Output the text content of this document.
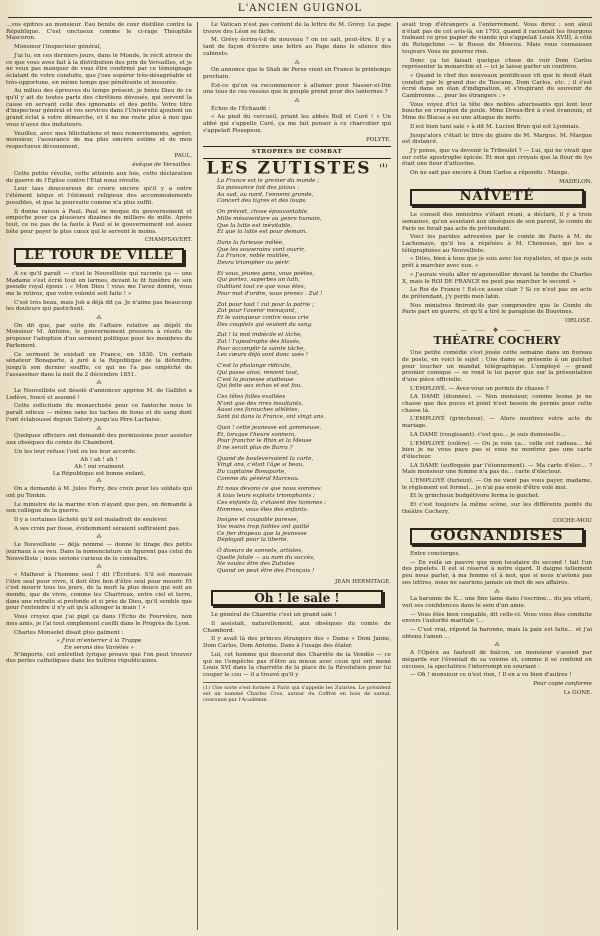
L'ANCIEN GUIGNOL

…vos épîtres au monsieur. Eau bénite de cour distillée contre la République. C'est onctueux comme le ci-rage Théophile Masceron.

Monsieur l'inspecteur général,

J'ai lu, en ces derniers jours, dans le Monde, le récit atroce de ce que vous avez fait à la distribution des prix de Versailles, et je ne veux pas manquer de vous être confirmé par ce témoignage éclatant de votre conduite, que j'ose espérer très-désagréable et très-opportune, en même temps que pénétrante et mesurée.

Au milieu des épreuves du temps présent, je bénis Dieu de ce qu'il y ait de toutes parts des chrétiens dévoués, qui servent la cause en servant celle des ignorants et des petits. Votre titre d'inspecteur général et vos services dans l'Université ajoutent un grand éclat à votre démarche, et il ne me reste plus à moi que vous n'ayez des imitateurs.

Veuillez, avec mes félicitations et mes remerciements, agréer, monsieur, l'assurance de ma plus sincère estime et de mon respectueux dévouement,

PAUL,
évêque de Versailles.

Cette petite révolte, cette atteinte aux lois, cette déclaration de guerre de l'Église contre l'État nous révolte.

Leur laus douceureux de croire encore qu'il y a entre l'élément laïque et l'élément religieux des accommodements possibles, et que la poursuite comme n'a plus suffit.

Il donne raison à Paul. Paul se moque du gouvernement et empoche pour ça plusieurs dizaines de milliers de mille. Après tout, ce ne pas de la faute à Paul si le gouvernement est assez bête pour payer le plus cœux qui le servent le moins.

CHAMPSAVERT.
LE TOUR DE VILLE

A ce qu'il paraît — c'est le Nouvelliste qui raconte ça — une Madame s'est écrié tout en larmes, devant le lit funèbre de son pseudo royal époux : « Mon Dieu ! vous me l'avez donné, vous me le retirez, que votre volonté soit faite ! »

C'est très beau, mais Job a déjà dit ça. Je n'aime pas beaucoup les douleurs qui pastichent.

⁂

On dit que, par suite de l'affaire relative au dépôt de Monsieur M. Antoine, le gouvernement pressera à résolu de proposer l'adoption d'un serment politique pour les membres du Parlement.

Ce serment le existait en France, en 1830. Un certain sénateur Bonaparte, à juré à la République de la défendre, jusqu'à son dernier souffle, ce qui ne l'a pas empêché de l'assassiner dans la nuit du 2 décembre 1851.

⁂

Le Nouvelliste est désolé d'annoncer apprise M. de Gallifet a Lodève, foncé et assomé !

Cette sollicitude du monarchiste pour ce fantoche nous le paraît odieux — même sans les taches de boue et de sang dont l'ont éclaboussé depuis Satory jusqu'au Père-Lachaise.

⁂

Quelques officiers ont demandé des permissions pour assister aux obsèques du comte de Chambord.

Un les leur refuse l'ont ou les leur accorde.

Ah ! ah ! ah !
Ah ! oui vraiment
La République est bonne enfant,
⁂

On a demandé à M. Jules Ferry, des croix pour les soldats qui ont pu Tonkin.

Le ministre de la marine n'en n'ayant que peu, on demande à son collègue de la guerre.

Il y a certaines lâcheté qu'il est maladroit de soulever.

A ses croix par fosse, évidemment seraient suffiraient pas.

⁂

Le Nouvelliste — déjà nommé — donne le tirage des petits journaux à sa veu. Dans la nomenclature un figurent pas celui du Nouvelliste ; nous serions curieux de le connaître.

⁂

« Malheur à l'homme seul ! dit l'Écriture. S'il est mauvais l'être seul pour vivre, il doit être bon d'être seul pour mourir. Et c'est mourir tous les jours, de la mort la plus douce qui soit au monde, que de vivre, comme les Chartreux, entre ciel et terre, dans une retraite si profonde et si près de Dieu, qu'il semble que pour l'entendre il n'y ait qu'à allonger la main ! »

Vous croyez que j'ai pigé ça dans l'Écho de Fourvière, non mes amis, je l'ai tout simplement cueilli dans le Progrès de Lyon.

Charles Monselet disait plus galment :

« J'irai m'enterrer à la Trappe
En serons des Variétés »

N'importe, cet entrefilet lyrique prouve que l'on peut trouver des perles catholiques dans les huîtres républicaines.

Le Vatican n'est pas content de la lettre de M. Grévy. Le pape trouve des Léon se fâche.

M. Grévy écrira-t-il de nouveau ? on ne sait, peut-être. Il y a tant de façon d'écrire une lettre au Pape dans le silence des cabinets.

⁂

On annonce que le Shah de Perse vient en France le printemps prochain.

Est-ce qu'on va recommencer à allumer pour Nasser-el-Din une tous de ces vessies que le peuple prend pour des lanternes ?

⁂

Échos de l'Échaudé :

« Au pied du cercueil, priant les abbés Boll et Curé ! » Un abbé qui s'appelle Curé, ça me fait penser à ce charcutier qui s'appelait Pissepeux.

POLYTE.
STROPHES DE COMBAT
LES ZUTISTES $^{(1)}$
La France est le grenier du monde ;
Sa puissance fait des jaloux :
Au sud, au nord, l'ennemi gronde,
Concert des tigres et des loups.
On prévoit, chose épouvantable,
Mille mésaventure au genre humain,
Que la lutte est inévitable,
Et que la lutte est pour demain.
Dans la furieuse mêlée,
Que les souverains vont ouvrir,
La France, noble mutilée,
Devra triompher ou périr.
Et vous, jeunes gens, vous poètes,
Qui portez, superbes un luth,
Oubliant tout ce que vous êtes,
Pour mot d'ordre, vous prenez : Zut !
Zut pour tout ! zut pour la patrie ;
Zut pour l'avenir menaçant,
Et le vainqueur contre nous crie
Des couplets qui veulent du sang.
Zut ! la mot imbécile et lâche,
Zut ! l'apostrophe des blasés,
Pour accomplir la sainte tâche,
Les cœurs déjà sont donc usés !
C'est la phalange ridicule,
Qui passe ainsi, renient tout,
C'est la jeunesse studieuse
Qui fette aux échos et est fou.
Ces têtes folles exaltées
N'ont que des rires insultants,
Aussi ces farouches athlètes,
Sont fai dans la France, ont vingt ans.
Quoi ! cette jeunesse est gommeuse,
Et, lorsque l'heure sonnera,
Pour franchir le Rhin et la Meuse
Il ne serait plus de Barra ?
Quand de bouleversaient la carte,
Vingt ans, c'était l'âge si beau,
Du capitaine Bonaparte,
Comme du général Marceau.
Et nous devons ce que nous sommes
A tous leurs exploits triomphants ;
Ces enfants là, c'étaient des hommes :
Hommes, vous êtes des enfants.
Insigne et coupable paresse,
Vos mains trop faibles ont quitté
Ce fier drapeau que la jeunesse
Déployait pour la liberté.
Ô diseurs de sonnets, artistes,
Quelle fatale — au nom du succès,
Ne voulez être des Zutistes
Quand on peut être des Français !
JEAN HERMITAGE.
Oh ! le sale !

Le général de Charette c'est un grand sale !

Il assistait, naturellement, aux obsèques du comte de Chambord.

Il y avait là des princes étrangers des « Dame » Dom Jaime, Dom Carlos, Dom Antoine. Dans à l'usage des étaler.

Lui, cet homme qui descend des Charette de la Vendée — ce qui ne l'empêche pas d'être au mieux avec ceux qui ont mené Louis XVI dans la charrette de la place de la Révolution pour lui couper le cou — il a trouvé qu'il y

(1) Une sorte s'est formée à Paris qui s'appelle les Zutistes. Le président est un nommé Charles Cros, auteur du Coffret en bois de santal, couronné par l'Académie.

avait trop d'étrangers à l'enterrement. Vous direz : son aïeul n'était pas de cet avis-là, en 1793, quand il racontait les fourgons traînant ce gros papier de viande qui s'appelait Louis XVIII, à côté de Rotopchine — le Russe de Moscou. Mais vous connaissez toujours Vous ne pourrez rien.

Donc ça lui faisait quelque chose de voir Dom Carlos représenter la monarchie et — ici je laisse parler un confrère.

« Quand le chef des nouveaux pontificaux vit que le deuil était conduit par le grand duc de Toscane, Dom Carlos, etc. ; il s'est écrié dans un élan d'indignation, et s'inspirant du souvenir de Cambronne … pour les étrangers : »

Vous voyez d'ici la tête des nobles ahurissants qui lont leur bouche en croupion de poule. Mme Dreux-Bré à s'est évanouie, et Mme de Blacas a eu une attaque de nerfs.

Il est bien tant sale » à dit M. Lucien Brun qui est Lyonnais.

Jusqu'alors c'était le titre de gloire de M. Margue. M. Margue est distancé.

J'y pense, que va devenir le Triboulet ? — Lui, qui ne vivait que sur cette apostrophe épicée. Et moi qui croyais que la fleur de lys était une fleur d'attiscine.

On ne sait pas encore à Dom Carlos a répondu : Mange.

MADELON.
NAÏVETÉ

Le conseil des ministres s'étant réuni, a déclaré, il y a trois semaines, qu'en assistant aux obsèques de son parent, le comte de Paris ne ferait pas acte de prétendant.

Voici les paroles adressées par le comte de Paris à M. de Lachemaye, qu'il les a répétées à M. Chenouse, qui les a télégraphiées au Nouvelliste.

« Dites, bien à tous que je suis avec les royalistes, et que je suis prêt à marcher avec eux. »

« J'aurais voulu aller m'agenouiller devant la tombe de Charles X, mais le ROI DE FRANCE ne peut pas marcher le second. »

Le Roi de France ! Est-ce assez clair ? Si ce n'est pas un acte de prétendant, j'y perds mon latin.

Nos ministres finiront-ils par comprendre que le Comte de Paris part en guerre, et qu'il a tiré le parapluie de Bouvines.

ORLOSE.
— ⸺ ✥ ⸺ —
THÉATRE COCHERY

Une petite comédie s'est jouée cette semaine dans un bureau de poste, en voici le sujet : Une dame se présente à un guichet pour toucher un mandat télégraphique. L'employé — grand premier comique — se rend le lui payer que sur la présentation d'une pièce officielle.

L'EMPLOYÉ. — Avez-vous un permis de chasse ?

LA DAME (étonnée). — Non monsieur, comme lesme je ne chasse que des puces et point n'est besoin de permis pour cette chasse là.

L'EMPLOYÉ (grincheux). — Alors montrez votre acte de mariage.

LA DAME (rougissant). c'est que… je suis demoiselle…

L'EMPLOYÉ (colère). — Ou je vois ça… celle cet cadeau… hé bien je ne vous paye pas si vous ne montrez pas une carte d'électeur.

LA DAME (suffoquée par l'étonnement). — Ma carte d'élec… ? Mais monsieur une femme n'a pas de… carte d'électeur.

L'EMPLOYÉ (furieux). — On ne vient pas vous payer, madame, le règlement est formel… je n'ai pas envie d'être volé moi.

Et le grincheux budgétivore ferma le guichet.

Et c'est toujours la même scène, sur les différents points du théâtre Cochery.

COCHE-MOU
GOGNANDISES

Entre concierges.

— En voilà un pauvre que mon locataire du second ! fait l'un des pipelets. Il est si réservé à notre égard. Il daigne tellement peu nous parler, à ma femme et à moi, que si nous n'avions pas ses lettres, nous ne saurions jamais un mot de ses affaires.

⁂

La baronne de X… une fine lame dans l'escrime… du jeu vitaré, voit ses confidences dans le sein d'un amie.

— Vous êtes bien coupable, dit celle-ci. Vous vous êtes conduite envers l'autorité maritale !…

— C'est vrai, répond la baronne, mais la paix est faite… et j'ai obtenu l'amen …

⁂

A l'Opéra au fauteuil de balcon, un monsieur s'assied par mégarde sur l'éventail de sa voisine et, comme il se confond en excuses, la spectatrice l'interrompt en souriant :

— Oh ! monsieur ce n'est rien, ! Il en a vu bien d'autres !

Pour copie conforme
Le GONE.
